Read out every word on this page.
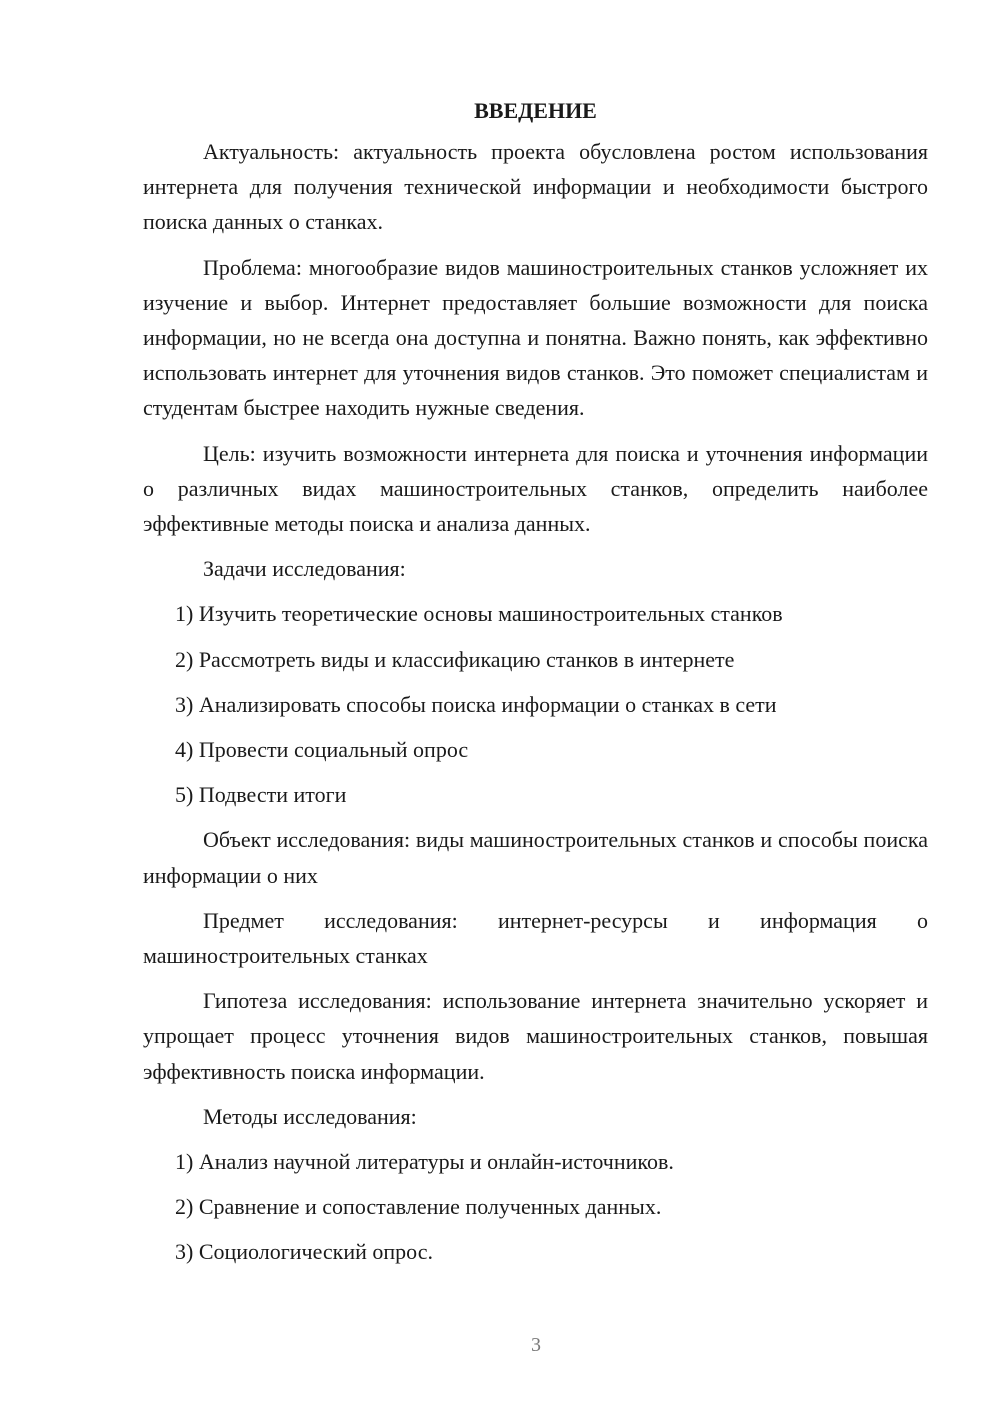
ВВЕДЕНИЕ

Актуальность: актуальность проекта обусловлена ростом использования интернета для получения технической информации и необходимости быстрого поиска данных о станках.

Проблема: многообразие видов машиностроительных станков усложняет их изучение и выбор. Интернет предоставляет большие возможности для поиска информации, но не всегда она доступна и понятна. Важно понять, как эффективно использовать интернет для уточнения видов станков. Это поможет специалистам и студентам быстрее находить нужные сведения.

Цель: изучить возможности интернета для поиска и уточнения информации о различных видах машиностроительных станков, определить наиболее эффективные методы поиска и анализа данных.

Задачи исследования:

1) Изучить теоретические основы машиностроительных станков
2) Рассмотреть виды и классификацию станков в интернете
3) Анализировать способы поиска информации о станках в сети
4) Провести социальный опрос
5) Подвести итоги

Объект исследования: виды машиностроительных станков и способы поиска информации о них

Предмет исследования: интернет-ресурсы и информация о машиностроительных станках

Гипотеза исследования: использование интернета значительно ускоряет и упрощает процесс уточнения видов машиностроительных станков, повышая эффективность поиска информации.

Методы исследования:

1) Анализ научной литературы и онлайн-источников.
2) Сравнение и сопоставление полученных данных.
3) Социологический опрос.
3
